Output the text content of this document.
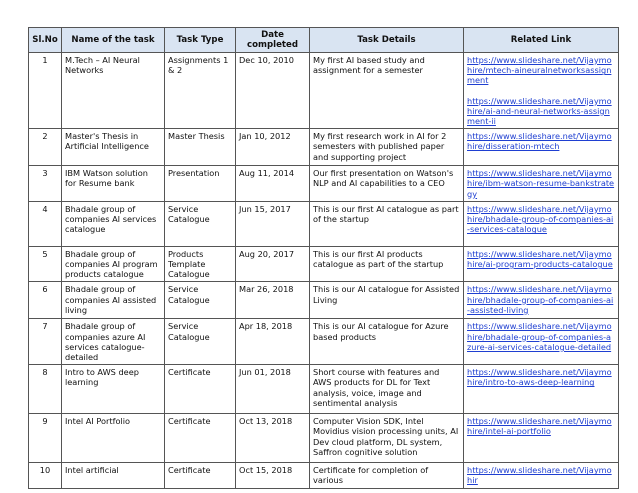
Sl.No	Name of the task	Task Type	Date completed	Task Details	Related Link
1	M.Tech – AI Neural Networks	Assignments 1 & 2	Dec 10, 2010	My first AI based study and assignment for a semester	https://www.slideshare.net/Vijaymohire/mtech-aineuralnetworksassignment
https://www.slideshare.net/Vijaymohire/ai-and-neural-networks-assignment-ii

2	Master's Thesis in Artificial Intelligence	Master Thesis	Jan 10, 2012	My first research work in AI for 2 semesters with published paper and supporting project	https://www.slideshare.net/Vijaymohire/disseration-mtech

3	IBM Watson solution for Resume bank	Presentation	Aug 11, 2014	Our first presentation on Watson's NLP and AI capabilities to a CEO	https://www.slideshare.net/Vijaymohire/ibm-watson-resume-bankstrategy

4	Bhadale group of companies AI services catalogue	Service Catalogue	Jun 15, 2017	This is our first AI catalogue as part of the startup	https://www.slideshare.net/Vijaymohire/bhadale-group-of-companies-ai-services-catalogue

5	Bhadale group of companies AI program products catalogue	Products Template Catalogue	Aug 20, 2017	This is our first AI products catalogue as part of the startup	https://www.slideshare.net/Vijaymohire/ai-program-products-catalogue

6	Bhadale group of companies AI assisted living	Service Catalogue	Mar 26, 2018	This is our AI catalogue for Assisted Living	https://www.slideshare.net/Vijaymohire/bhadale-group-of-companies-ai-assisted-living

7	Bhadale group of companies azure AI services catalogue- detailed	Service Catalogue	Apr 18, 2018	This is our AI catalogue for Azure based products	https://www.slideshare.net/Vijaymohire/bhadale-group-of-companies-azure-ai-services-catalogue-detailed

8	Intro to AWS deep learning	Certificate	Jun 01, 2018	Short course with features and AWS products for DL for Text analysis, voice, image and sentimental analysis	https://www.slideshare.net/Vijaymohire/intro-to-aws-deep-learning

9	Intel AI Portfolio	Certificate	Oct 13, 2018	Computer Vision SDK, Intel Movidius vision processing units, AI Dev cloud platform, DL system, Saffron cognitive solution	https://www.slideshare.net/Vijaymohire/intel-ai-portfolio

10	Intel artificial	Certificate	Oct 15, 2018	Certificate for completion of various	https://www.slideshare.net/Vijaymohir
